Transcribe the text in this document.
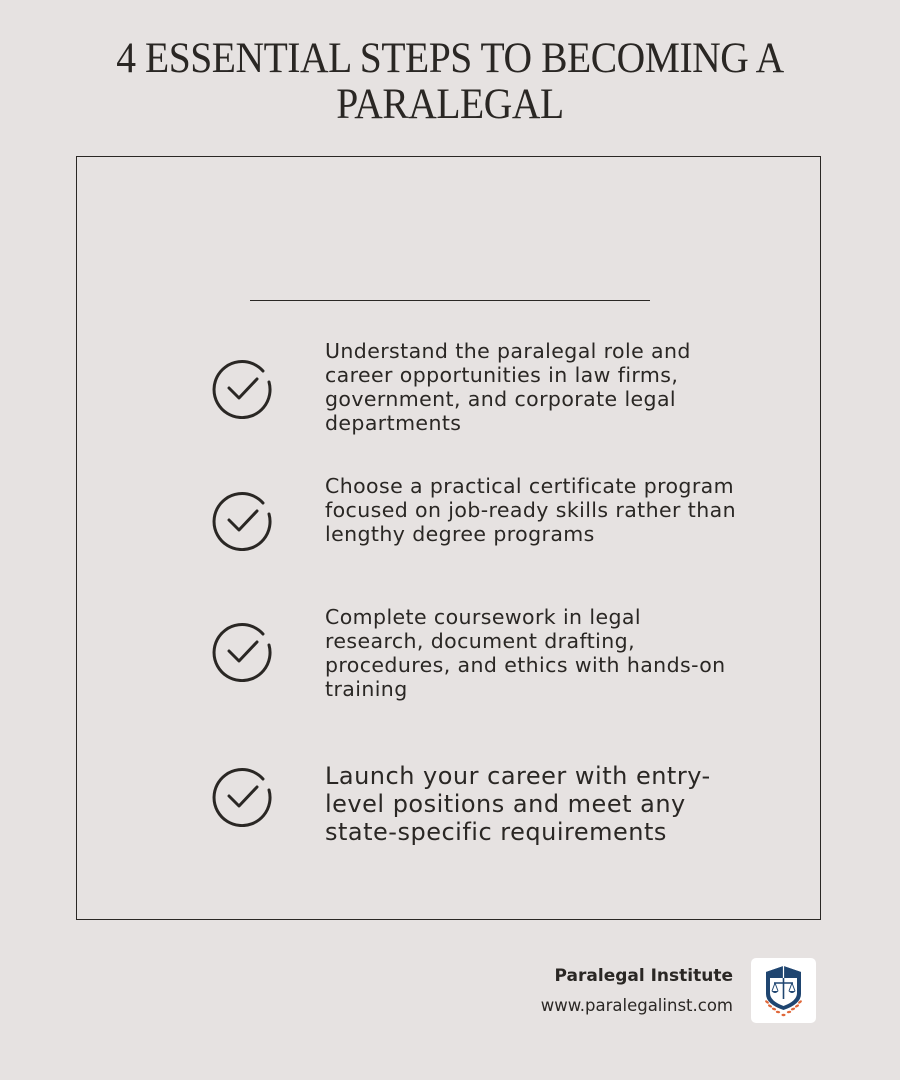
4 ESSENTIAL STEPS TO BECOMING A
PARALEGAL
Understand the paralegal role and career opportunities in law firms, government, and corporate legal departments
Choose a practical certificate program focused on job-ready skills rather than lengthy degree programs
Complete coursework in legal research, document drafting, procedures, and ethics with hands-on training
Launch your career with entry-level positions and meet any state-specific requirements
Paralegal Institute
www.paralegalinst.com
